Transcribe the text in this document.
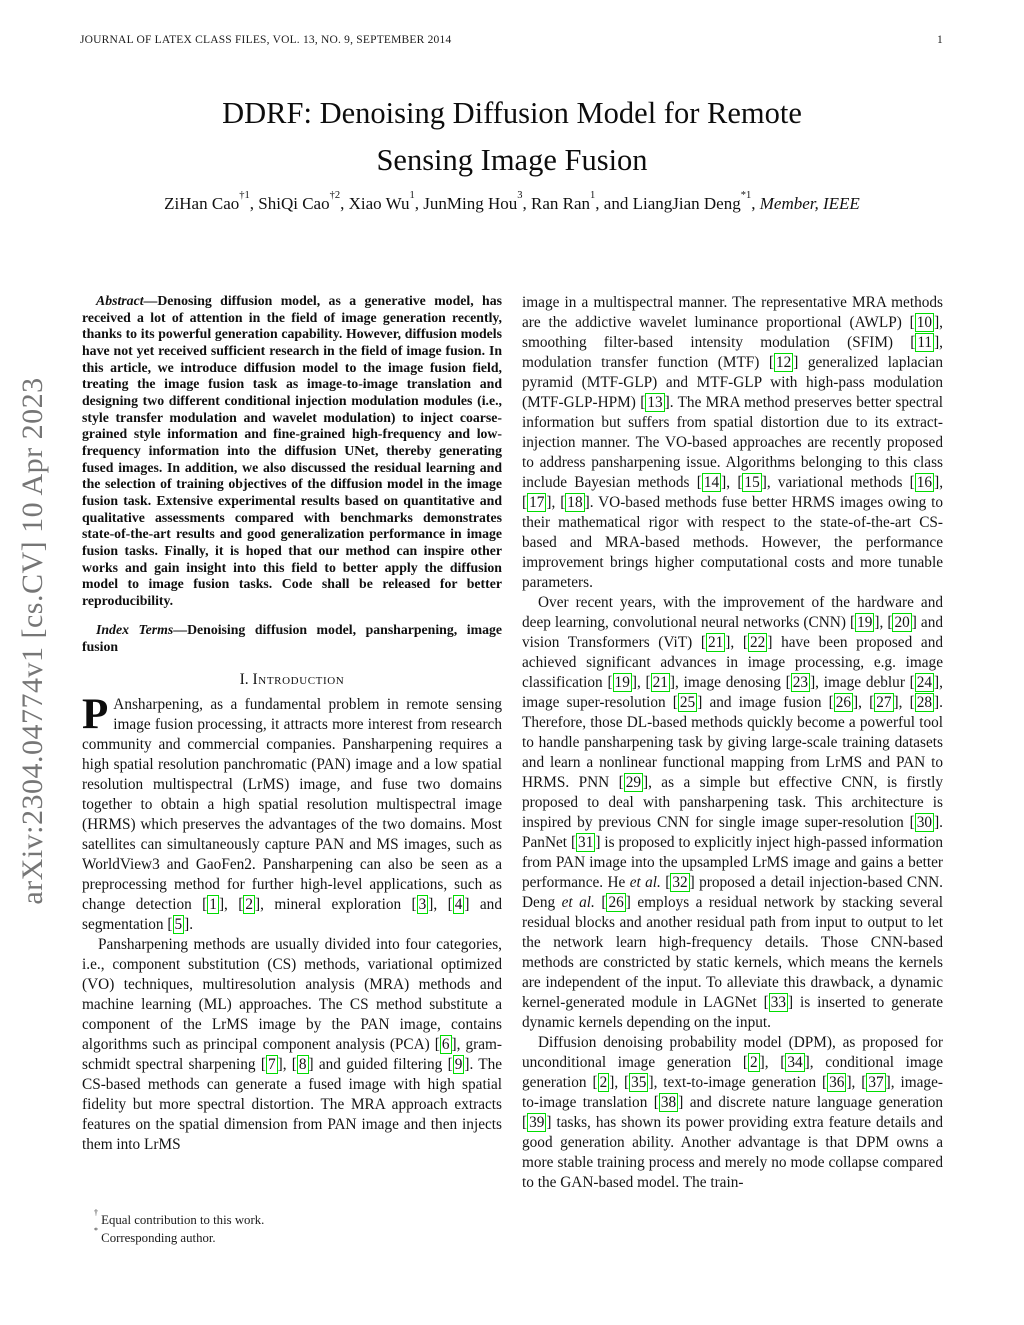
JOURNAL OF LATEX CLASS FILES, VOL. 13, NO. 9, SEPTEMBER 2014	1
DDRF: Denoising Diffusion Model for Remote
Sensing Image Fusion
ZiHan Cao$^{\dagger 1}$, ShiQi Cao$^{\dagger 2}$, Xiao Wu$^1$, JunMing Hou$^3$, Ran Ran$^1$, and LiangJian Deng$^{*1}$, Member, IEEE
arXiv:2304.04774v1 [cs.CV] 10 Apr 2023

Abstract—Denosing diffusion model, as a generative model, has received a lot of attention in the field of image generation recently, thanks to its powerful generation capability. However, diffusion models have not yet received sufficient research in the field of image fusion. In this article, we introduce diffusion model to the image fusion field, treating the image fusion task as image-to-image translation and designing two different conditional injection modulation modules (i.e., style transfer modulation and wavelet modulation) to inject coarse-grained style information and fine-grained high-frequency and low-frequency information into the diffusion UNet, thereby generating fused images. In addition, we also discussed the residual learning and the selection of training objectives of the diffusion model in the image fusion task. Extensive experimental results based on quantitative and qualitative assessments compared with benchmarks demonstrates state-of-the-art results and good generalization performance in image fusion tasks. Finally, it is hoped that our method can inspire other works and gain insight into this field to better apply the diffusion model to image fusion tasks. Code shall be released for better reproducibility.

Index Terms—Denoising diffusion model, pansharpening, image fusion

I. Introduction

P Ansharpening, as a fundamental problem in remote sensing image fusion processing, it attracts more interest from research community and commercial companies. Pansharpening requires a high spatial resolution panchromatic (PAN) image and a low spatial resolution multispectral (LrMS) image, and fuse two domains together to obtain a high spatial resolution multispectral image (HRMS) which preserves the advantages of the two domains. Most satellites can simultaneously capture PAN and MS images, such as WorldView3 and GaoFen2. Pansharpening can also be seen as a preprocessing method for further high-level applications, such as change detection [ 1 ], [ 2 ], mineral exploration [ 3 ], [ 4 ] and segmentation [ 5 ].

Pansharpening methods are usually divided into four categories, i.e., component substitution (CS) methods, variational optimized (VO) techniques, multiresolution analysis (MRA) methods and machine learning (ML) approaches. The CS method substitute a component of the LrMS image by the PAN image, contains algorithms such as principal component analysis (PCA) [ 6 ], gram-schmidt spectral sharpening [ 7 ], [ 8 ] and guided filtering [ 9 ]. The CS-based methods can generate a fused image with high spatial fidelity but more spectral distortion. The MRA approach extracts features on the spatial dimension from PAN image and then injects them into LrMS

image in a multispectral manner. The representative MRA methods are the addictive wavelet luminance proportional (AWLP) [ 10 ], smoothing filter-based intensity modulation (SFIM) [ 11 ], modulation transfer function (MTF) [ 12 ] generalized laplacian pyramid (MTF-GLP) and MTF-GLP with high-pass modulation (MTF-GLP-HPM) [ 13 ]. The MRA method preserves better spectral information but suffers from spatial distortion due to its extract-injection manner. The VO-based approaches are recently proposed to address pansharpening issue. Algorithms belonging to this class include Bayesian methods [ 14 ], [ 15 ], variational methods [ 16 ], [ 17 ], [ 18 ]. VO-based methods fuse better HRMS images owing to their mathematical rigor with respect to the state-of-the-art CS-based and MRA-based methods. However, the performance improvement brings higher computational costs and more tunable parameters.

Over recent years, with the improvement of the hardware and deep learning, convolutional neural networks (CNN) [ 19 ], [ 20 ] and vision Transformers (ViT) [ 21 ], [ 22 ] have been proposed and achieved significant advances in image processing, e.g. image classification [ 19 ], [ 21 ], image denosing [ 23 ], image deblur [ 24 ], image super-resolution [ 25 ] and image fusion [ 26 ], [ 27 ], [ 28 ]. Therefore, those DL-based methods quickly become a powerful tool to handle pansharpening task by giving large-scale training datasets and learn a nonlinear functional mapping from LrMS and PAN to HRMS. PNN [ 29 ], as a simple but effective CNN, is firstly proposed to deal with pansharpening task. This architecture is inspired by previous CNN for single image super-resolution [ 30 ]. PanNet [ 31 ] is proposed to explicitly inject high-passed information from PAN image into the upsampled LrMS image and gains a better performance. He et al. [ 32 ] proposed a detail injection-based CNN. Deng et al. [ 26 ] employs a residual network by stacking several residual blocks and another residual path from input to output to let the network learn high-frequency details. Those CNN-based methods are constricted by static kernels, which means the kernels are independent of the input. To alleviate this drawback, a dynamic kernel-generated module in LAGNet [ 33 ] is inserted to generate dynamic kernels depending on the input.

Diffusion denoising probability model (DPM), as proposed for unconditional image generation [ 2 ], [ 34 ], conditional image generation [ 2 ], [ 35 ], text-to-image generation [ 36 ], [ 37 ], image-to-image translation [ 38 ] and discrete nature language generation [ 39 ] tasks, has shown its power providing extra feature details and good generation ability. Another advantage is that DPM owns a more stable training process and merely no mode collapse compared to the GAN-based model. The train-

† Equal contribution to this work.
* Corresponding author.
